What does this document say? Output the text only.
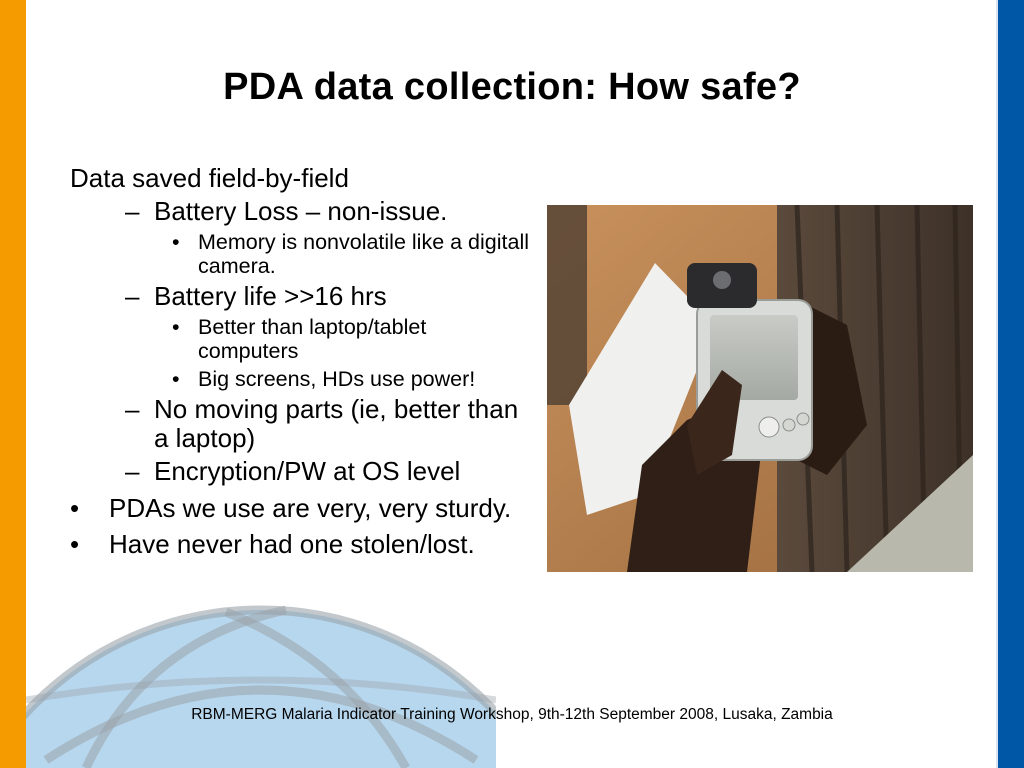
PDA data collection: How safe?
Data saved field-by-field
– Battery Loss – non-issue.
• Memory is nonvolatile like a digitall camera.
– Battery life >>16 hrs
• Better than laptop/tablet computers
• Big screens, HDs use power!
– No moving parts (ie, better than a laptop)
– Encryption/PW at OS level
• PDAs we use are very, very sturdy.
• Have never had one stolen/lost.
RBM-MERG Malaria Indicator Training Workshop, 9th-12th September 2008, Lusaka, Zambia
